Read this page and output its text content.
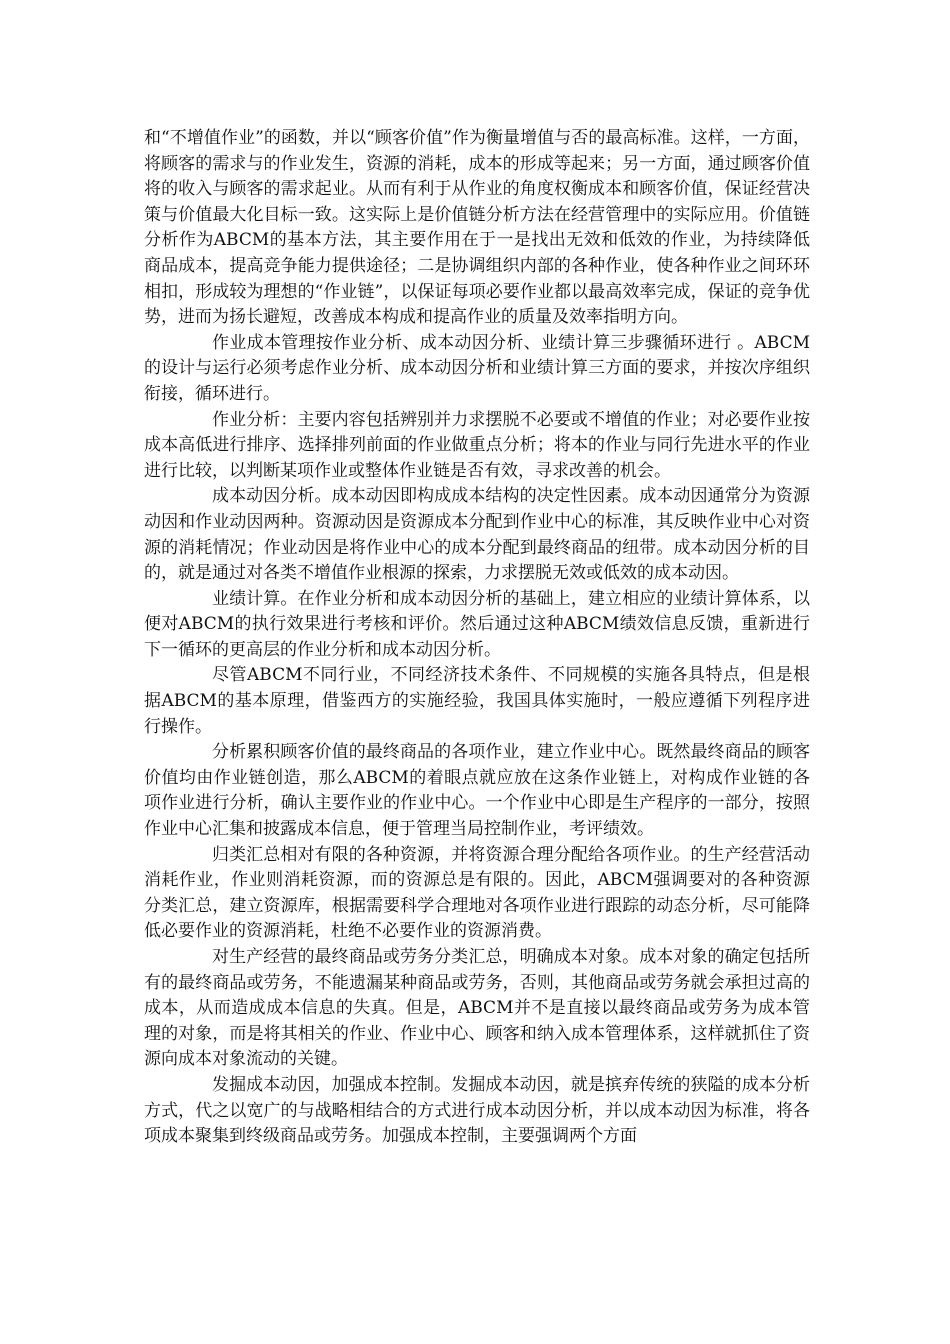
和“不增值作业”的函数，并以“顾客价值”作为衡量增值与否的最高标准。这样，一方面，将顾客的需求与的作业发生，资源的消耗，成本的形成等起来；另一方面，通过顾客价值将的收入与顾客的需求起业。从而有利于从作业的角度权衡成本和顾客价值，保证经营决策与价值最大化目标一致。这实际上是价值链分析方法在经营管理中的实际应用。价值链分析作为ABCM的基本方法，其主要作用在于一是找出无效和低效的作业，为持续降低商品成本，提高竞争能力提供途径；二是协调组织内部的各种作业，使各种作业之间环环相扣，形成较为理想的“作业链”，以保证每项必要作业都以最高效率完成，保证的竞争优势，进而为扬长避短，改善成本构成和提高作业的质量及效率指明方向。

作业成本管理按作业分析、成本动因分析、业绩计算三步骤循环进行 。ABCM的设计与运行必须考虑作业分析、成本动因分析和业绩计算三方面的要求，并按次序组织衔接，循环进行。

作业分析：主要内容包括辨别并力求摆脱不必要或不增值的作业；对必要作业按成本高低进行排序、选择排列前面的作业做重点分析；将本的作业与同行先进水平的作业进行比较，以判断某项作业或整体作业链是否有效，寻求改善的机会。

成本动因分析。成本动因即构成成本结构的决定性因素。成本动因通常分为资源动因和作业动因两种。资源动因是资源成本分配到作业中心的标准，其反映作业中心对资源的消耗情况；作业动因是将作业中心的成本分配到最终商品的纽带。成本动因分析的目的，就是通过对各类不增值作业根源的探索，力求摆脱无效或低效的成本动因。

业绩计算。在作业分析和成本动因分析的基础上，建立相应的业绩计算体系，以便对ABCM的执行效果进行考核和评价。然后通过这种ABCM绩效信息反馈，重新进行下一循环的更高层的作业分析和成本动因分析。

尽管ABCM不同行业，不同经济技术条件、不同规模的实施各具特点，但是根据ABCM的基本原理，借鉴西方的实施经验，我国具体实施时，一般应遵循下列程序进行操作。

分析累积顾客价值的最终商品的各项作业，建立作业中心。既然最终商品的顾客价值均由作业链创造，那么ABCM的着眼点就应放在这条作业链上，对构成作业链的各项作业进行分析，确认主要作业的作业中心。一个作业中心即是生产程序的一部分，按照作业中心汇集和披露成本信息，便于管理当局控制作业，考评绩效。

归类汇总相对有限的各种资源，并将资源合理分配给各项作业。的生产经营活动消耗作业，作业则消耗资源，而的资源总是有限的。因此，ABCM强调要对的各种资源分类汇总，建立资源库，根据需要科学合理地对各项作业进行跟踪的动态分析，尽可能降低必要作业的资源消耗，杜绝不必要作业的资源消费。

对生产经营的最终商品或劳务分类汇总，明确成本对象。成本对象的确定包括所有的最终商品或劳务，不能遗漏某种商品或劳务，否则，其他商品或劳务就会承担过高的成本，从而造成成本信息的失真。但是，ABCM并不是直接以最终商品或劳务为成本管理的对象，而是将其相关的作业、作业中心、顾客和纳入成本管理体系，这样就抓住了资源向成本对象流动的关键。

发掘成本动因，加强成本控制。发掘成本动因，就是摈弃传统的狭隘的成本分析方式，代之以宽广的与战略相结合的方式进行成本动因分析，并以成本动因为标准，将各项成本聚集到终级商品或劳务。加强成本控制，主要强调两个方面
